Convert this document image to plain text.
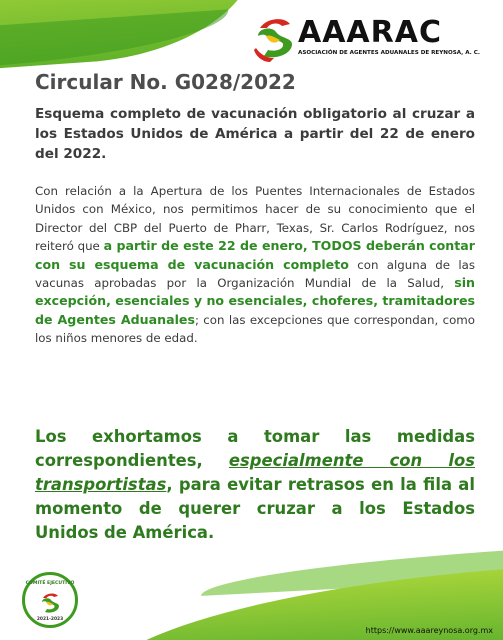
AAARAC
ASOCIACIÓN DE AGENTES ADUANALES DE REYNOSA, A. C.
Circular No. G028/2022
Esquema completo de vacunación obligatorio al cruzar a los Estados Unidos de América a partir del 22 de enero del 2022.
Con relación a la Apertura de los Puentes Internacionales de Estados Unidos con México, nos permitimos hacer de su conocimiento que el Director del CBP del Puerto de Pharr, Texas, Sr. Carlos Rodríguez, nos reiteró que a partir de este 22 de enero, TODOS deberán contar con su esquema de vacunación completo con alguna de las vacunas aprobadas por la Organización Mundial de la Salud, sin excepción, esenciales y no esenciales, choferes, tramitadores de Agentes Aduanales; con las excepciones que correspondan, como los niños menores de edad.
Los exhortamos a tomar las medidas correspondientes, especialmente con los transportistas, para evitar retrasos en la fila al momento de querer cruzar a los Estados Unidos de América.
COMITÉ EJECUTIVO
2021-2023
https://www.aaareynosa.org.mx
